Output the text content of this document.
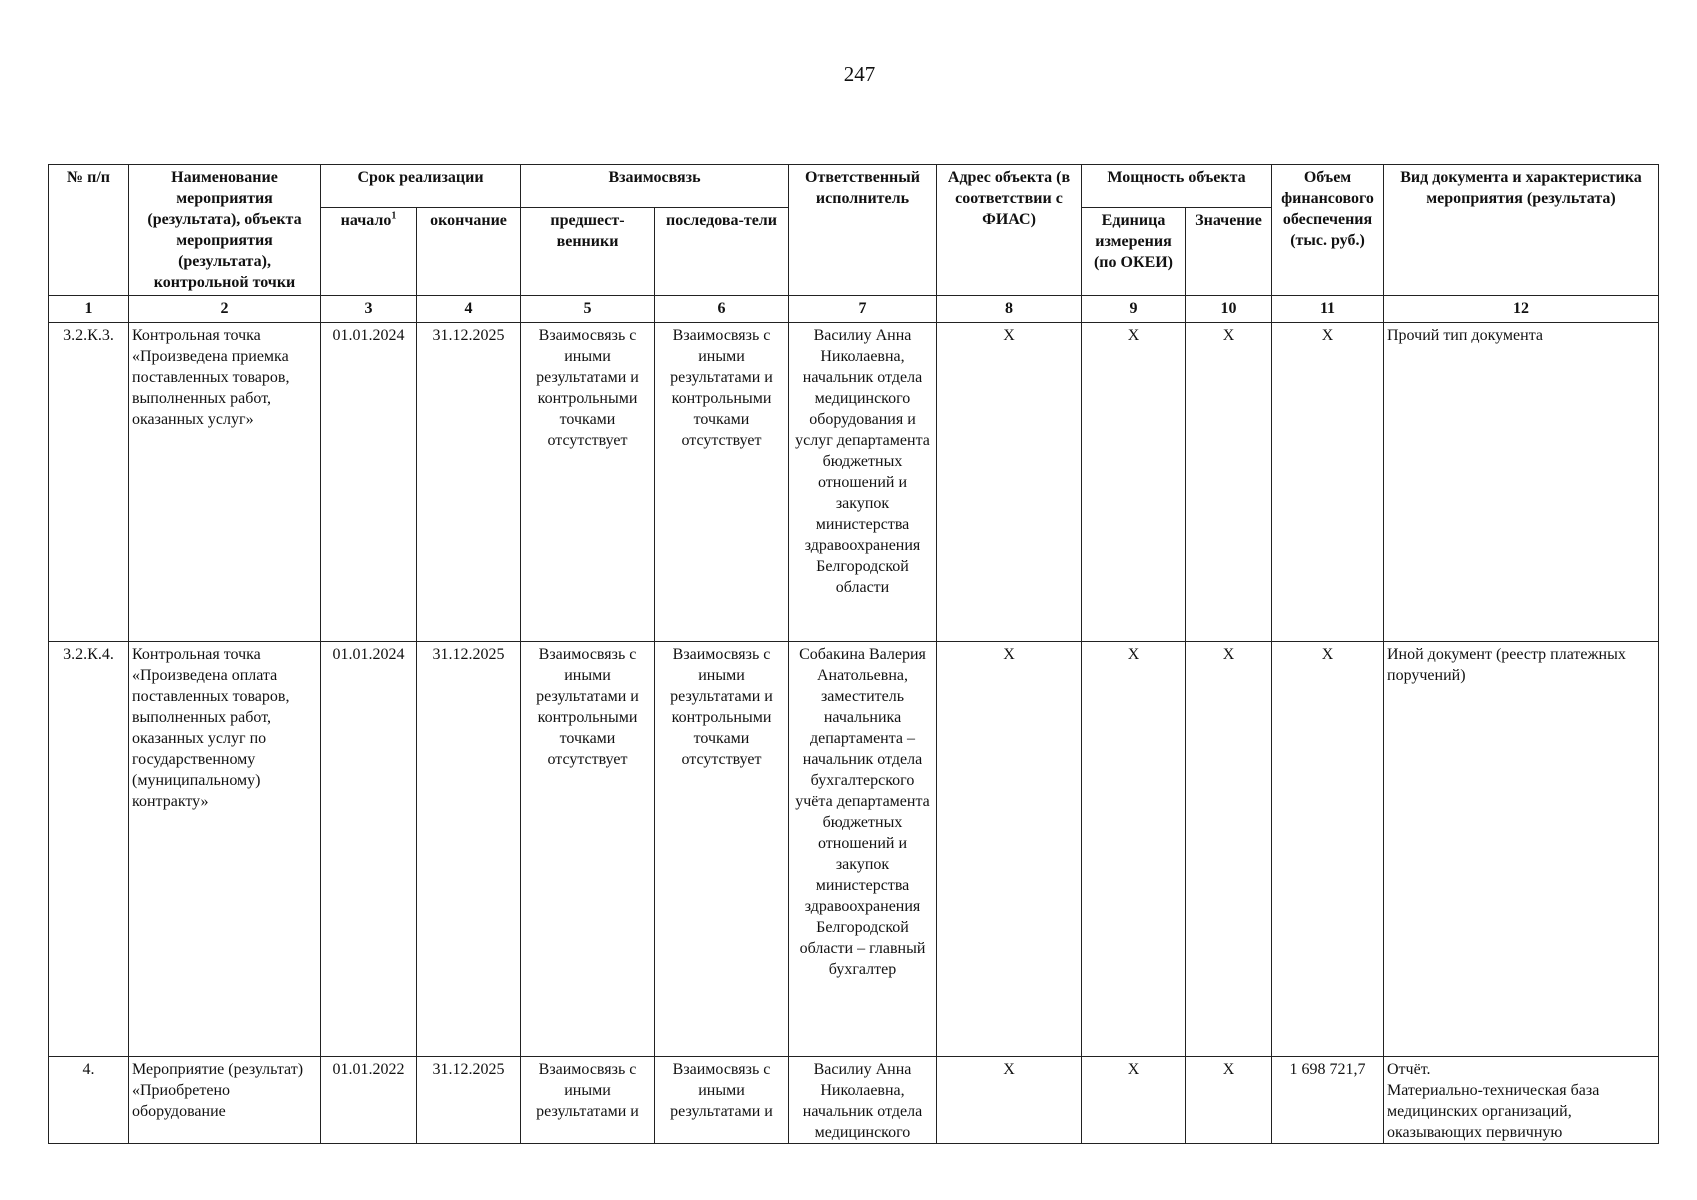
247
№ п/п	Наименование мероприятия (результата), объекта мероприятия (результата), контрольной точки	Срок реализации		Взаимосвязь		Ответственный исполнитель	Адрес объекта (в соответствии с ФИАС)	Мощность объекта		Объем финансового обеспечения (тыс. руб.)	Вид документа и характеристика мероприятия (результата)
		начало$^1$	окончание	предшест-венники	последова-тели			Единица измерения (по ОКЕИ)	Значение		
1	2	3	4	5	6	7	8	9	10	11	12
3.2.К.3.	Контрольная точка «Произведена приемка поставленных товаров, выполненных работ, оказанных услуг»	01.01.2024	31.12.2025	Взаимосвязь с иными результатами и контрольными точками отсутствует	Взаимосвязь с иными результатами и контрольными точками отсутствует	Василиу Анна Николаевна, начальник отдела медицинского оборудования и услуг департамента бюджетных отношений и закупок министерства здравоохранения Белгородской области	X	X	X	X	Прочий тип документа
3.2.К.4.	Контрольная точка «Произведена оплата поставленных товаров, выполненных работ, оказанных услуг по государственному (муниципальному) контракту»	01.01.2024	31.12.2025	Взаимосвязь с иными результатами и контрольными точками отсутствует	Взаимосвязь с иными результатами и контрольными точками отсутствует	Собакина Валерия Анатольевна, заместитель начальника департамента – начальник отдела бухгалтерского учёта департамента бюджетных отношений и закупок министерства здравоохранения Белгородской области – главный бухгалтер	X	X	X	X	Иной документ (реестр платежных поручений)
4.	Мероприятие (результат) «Приобретено оборудование	01.01.2022	31.12.2025	Взаимосвязь с иными результатами и	Взаимосвязь с иными результатами и	Василиу Анна Николаевна, начальник отдела медицинского	X	X	X	1 698 721,7	Отчёт.
Материально-техническая база медицинских организаций, оказывающих первичную
